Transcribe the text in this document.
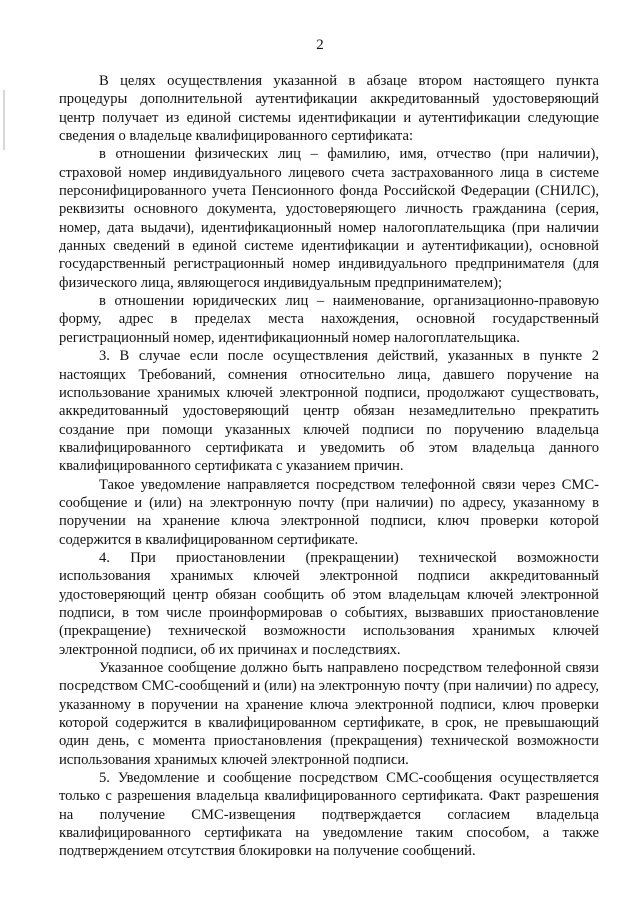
2

В целях осуществления указанной в абзаце втором настоящего пункта процедуры дополнительной аутентификации аккредитованный удостоверяющий центр получает из единой системы идентификации и аутентификации следующие сведения о владельце квалифицированного сертификата:

в отношении физических лиц – фамилию, имя, отчество (при наличии), страховой номер индивидуального лицевого счета застрахованного лица в системе персонифицированного учета Пенсионного фонда Российской Федерации (СНИЛС), реквизиты основного документа, удостоверяющего личность гражданина (серия, номер, дата выдачи), идентификационный номер налогоплательщика (при наличии данных сведений в единой системе идентификации и аутентификации), основной государственный регистрационный номер индивидуального предпринимателя (для физического лица, являющегося индивидуальным предпринимателем);

в отношении юридических лиц – наименование, организационно-правовую форму, адрес в пределах места нахождения, основной государственный регистрационный номер, идентификационный номер налогоплательщика.

3. В случае если после осуществления действий, указанных в пункте 2 настоящих Требований, сомнения относительно лица, давшего поручение на использование хранимых ключей электронной подписи, продолжают существовать, аккредитованный удостоверяющий центр обязан незамедлительно прекратить создание при помощи указанных ключей подписи по поручению владельца квалифицированного сертификата и уведомить об этом владельца данного квалифицированного сертификата с указанием причин.

Такое уведомление направляется посредством телефонной связи через СМС-сообщение и (или) на электронную почту (при наличии) по адресу, указанному в поручении на хранение ключа электронной подписи, ключ проверки которой содержится в квалифицированном сертификате.

4. При приостановлении (прекращении) технической возможности использования хранимых ключей электронной подписи аккредитованный удостоверяющий центр обязан сообщить об этом владельцам ключей электронной подписи, в том числе проинформировав о событиях, вызвавших приостановление (прекращение) технической возможности использования хранимых ключей электронной подписи, об их причинах и последствиях.

Указанное сообщение должно быть направлено посредством телефонной связи посредством СМС-сообщений и (или) на электронную почту (при наличии) по адресу, указанному в поручении на хранение ключа электронной подписи, ключ проверки которой содержится в квалифицированном сертификате, в срок, не превышающий один день, с момента приостановления (прекращения) технической возможности использования хранимых ключей электронной подписи.

5. Уведомление и сообщение посредством СМС-сообщения осуществляется только с разрешения владельца квалифицированного сертификата. Факт разрешения на получение СМС-извещения подтверждается согласием владельца квалифицированного сертификата на уведомление таким способом, а также подтверждением отсутствия блокировки на получение сообщений.
